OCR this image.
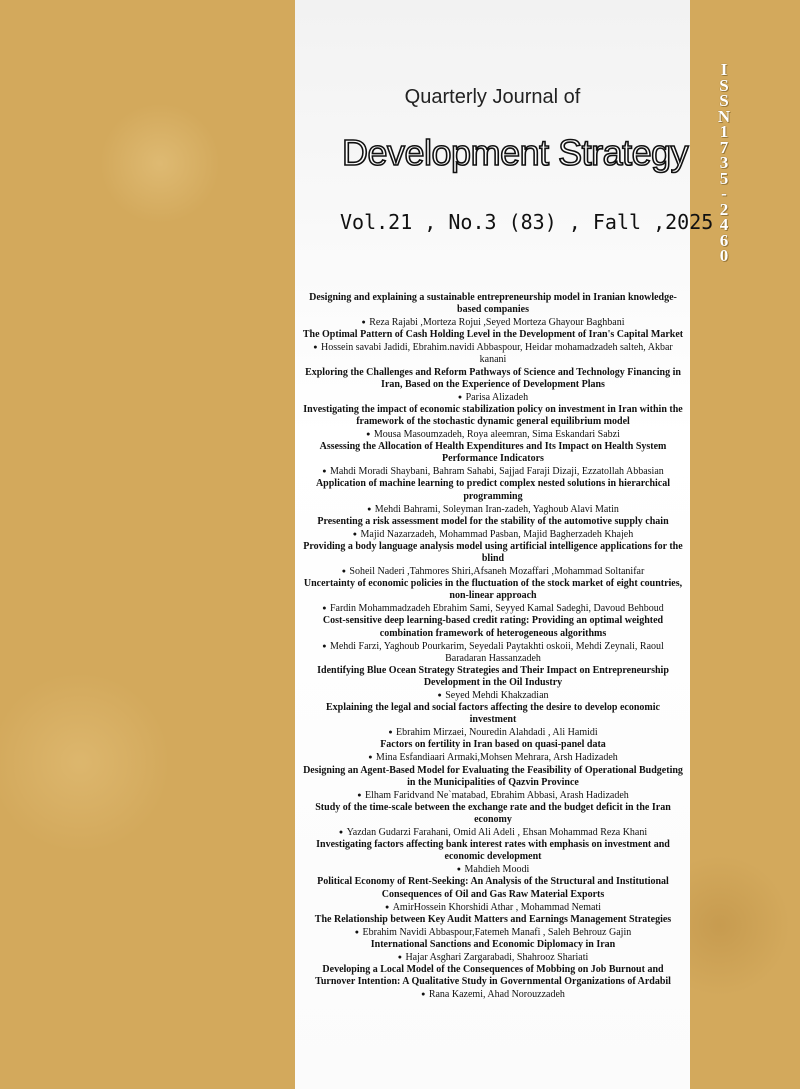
Quarterly Journal of
Development Strategy
Vol.21 , No.3 (83) , Fall ,2025
I
S
S
N
1
7
3
5
-
2
4
6
0
Designing and explaining a sustainable entrepreneurship model in Iranian knowledge-based companies
●  Reza Rajabi ,Morteza Rojui ,Seyed Morteza Ghayour Baghbani
The Optimal Pattern of Cash Holding Level in the Development of Iran's Capital Market
●  Hossein savabi Jadidi, Ebrahim.navidi Abbaspour, Heidar mohamadzadeh salteh, Akbar kanani
Exploring the Challenges and Reform Pathways of Science and Technology Financing in Iran, Based on the Experience of Development Plans
●  Parisa Alizadeh
Investigating the impact of economic stabilization policy on investment in Iran within the framework of the stochastic dynamic general equilibrium model
●  Mousa Masoumzadeh, Roya aleemran, Sima Eskandari Sabzi
Assessing the Allocation of Health Expenditures and Its Impact on Health System Performance Indicators
●  Mahdi Moradi Shaybani, Bahram Sahabi, Sajjad Faraji Dizaji, Ezzatollah Abbasian
Application of machine learning to predict complex nested solutions in hierarchical programming
●  Mehdi Bahrami, Soleyman Iran-zadeh, Yaghoub Alavi Matin
Presenting a risk assessment model for the stability of the automotive supply chain
●  Majid Nazarzadeh, Mohammad Pasban, Majid Bagherzadeh Khajeh
Providing a body language analysis model using artificial intelligence applications for the blind
●  Soheil Naderi ,Tahmores Shiri,Afsaneh Mozaffari ,Mohammad Soltanifar
Uncertainty of economic policies in the fluctuation of the stock market of eight countries, non-linear approach
●  Fardin Mohammadzadeh Ebrahim Sami, Seyyed Kamal Sadeghi, Davoud Behboud
Cost-sensitive deep learning-based credit rating: Providing an optimal weighted combination framework of heterogeneous algorithms
●  Mehdi Farzi, Yaghoub Pourkarim, Seyedali Paytakhti oskoii, Mehdi Zeynali, Raoul Baradaran Hassanzadeh
Identifying Blue Ocean Strategy Strategies and Their Impact on Entrepreneurship Development in the Oil Industry
●  Seyed Mehdi Khakzadian
Explaining the legal and social factors affecting the desire to develop economic investment
●  Ebrahim Mirzaei, Nouredin Alahdadi , Ali Hamidi
Factors on fertility in Iran based on quasi-panel data
●  Mina Esfandiaari Armaki,Mohsen Mehrara, Arsh Hadizadeh
Designing an Agent-Based Model for Evaluating the Feasibility of Operational Budgeting in the Municipalities of Qazvin Province
●  Elham Faridvand Ne`matabad, Ebrahim Abbasi, Arash Hadizadeh
Study of the time-scale between the exchange rate and the budget deficit in the Iran economy
●  Yazdan Gudarzi Farahani, Omid Ali Adeli , Ehsan Mohammad Reza Khani
Investigating factors affecting bank interest rates with emphasis on investment and economic development
●  Mahdieh Moodi
Political Economy of Rent-Seeking: An Analysis of the Structural and Institutional Consequences of Oil and Gas Raw Material Exports
●  AmirHossein Khorshidi Athar , Mohammad Nemati
The Relationship between Key Audit Matters and Earnings Management Strategies
●  Ebrahim Navidi Abbaspour,Fatemeh Manafi , Saleh Behrouz Gajin
International Sanctions and Economic Diplomacy in Iran
●  Hajar Asghari Zargarabadi, Shahrooz Shariati
Developing a Local Model of the Consequences of Mobbing on Job Burnout and Turnover Intention: A Qualitative Study in Governmental Organizations of Ardabil
●  Rana Kazemi, Ahad Norouzzadeh
